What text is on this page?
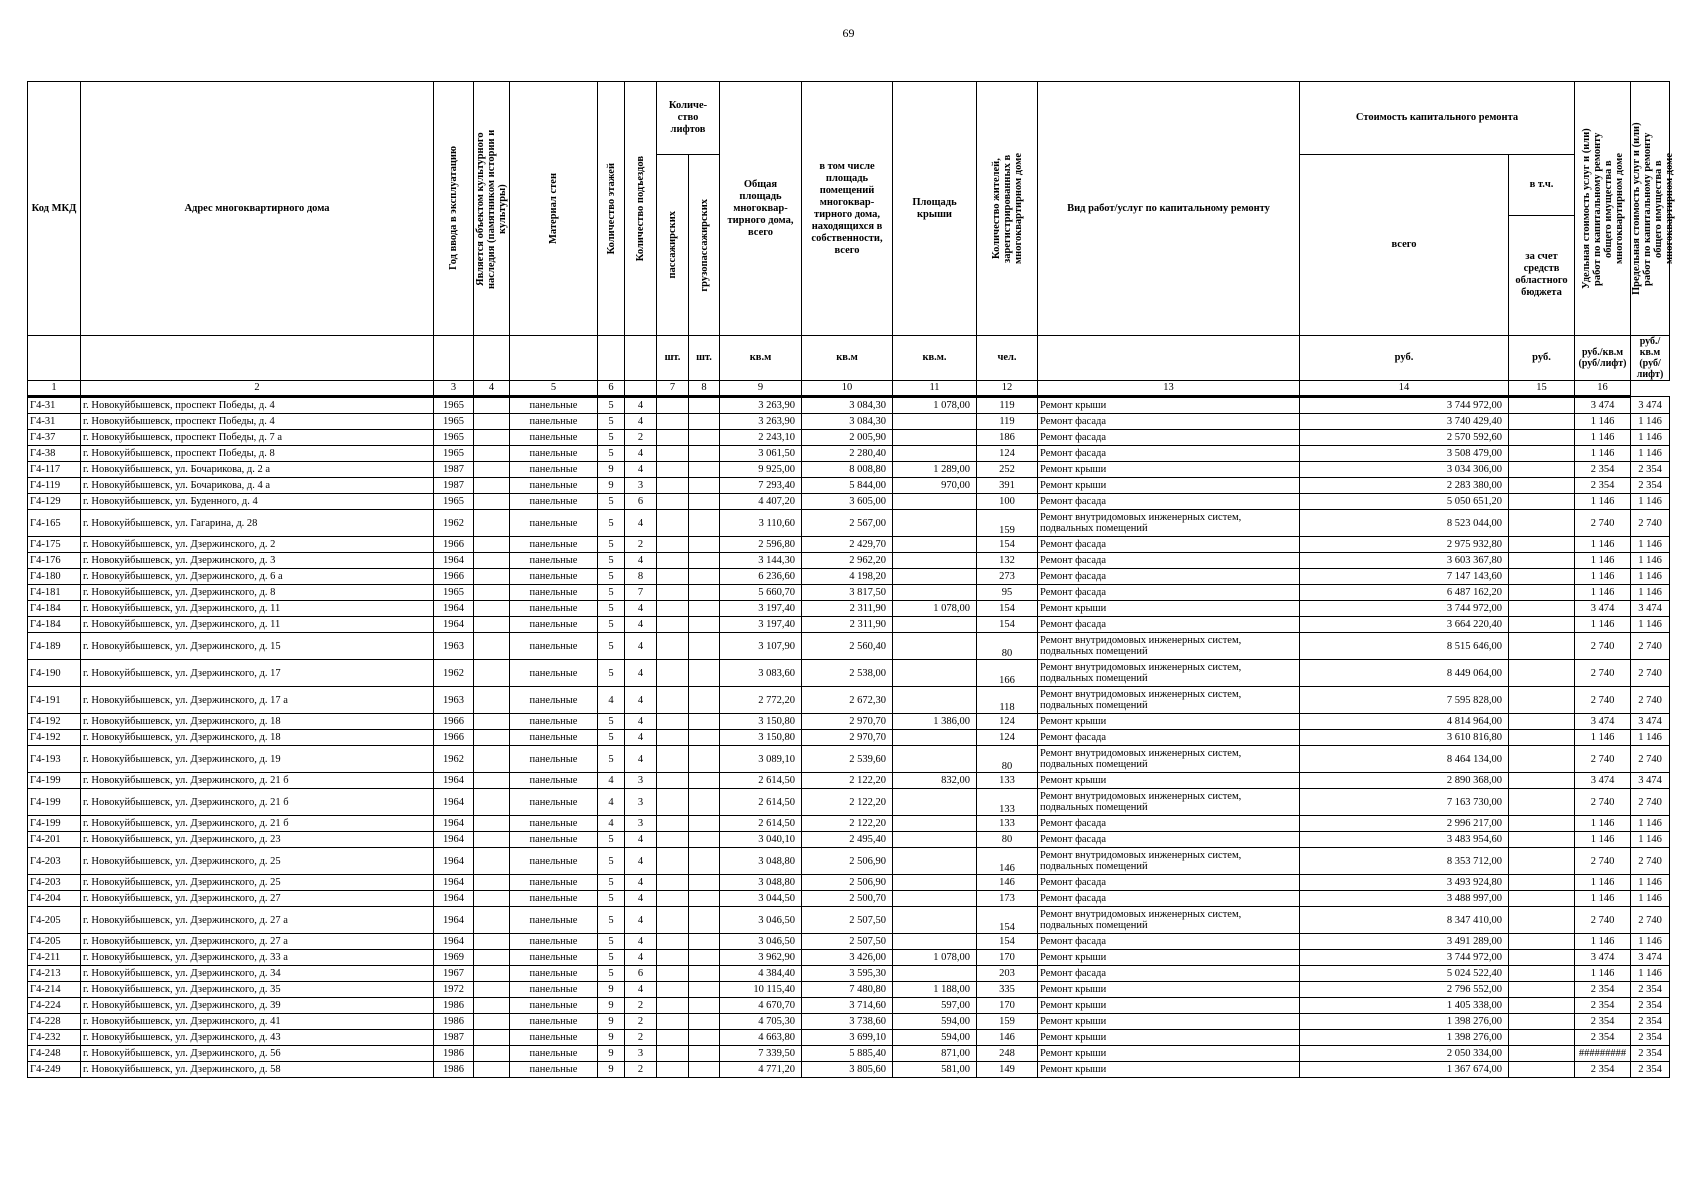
69
Код МКД	Адрес многоквартирного дома	Год ввода в эксплуатацию	Является объектом культурного наследия (памятником истории и культуры)	Материал стен	Количество этажей	Количество подъездов	Количе-ство лифтов		Общая площадь многоквар-тирного дома, всего	в том числе площадь помещений многоквар-тирного дома, находящихся в собственности, всего	Площадь крыши	Количество жителей, зарегистрированных в многоквартирном доме	Вид работ/услуг по капитальному ремонту	Стоимость капитального ремонта		Удельная стоимость услуг и (или) работ по капитальному ремонту общего имущества в многоквартирном доме	Предельная стоимость услуг и (или) работ по капитальному ремонту общего имущества в многоквартирном доме

							пассажирских	грузопассажирских						всего	в т.ч.		
															за счет средств областного бюджета		
							шт.	шт.	кв.м	кв.м	кв.м.	чел.		руб.	руб.	руб./кв.м (руб/лифт)	руб./кв.м (руб/лифт)
1	2	3	4	5	6		7	8	9	10	11	12	13	14	15	16	
Г4-31	г. Новокуйбышевск, проспект Победы, д. 4	1965		панельные	5	4			3 263,90	3 084,30	1 078,00	119	Ремонт крыши	3 744 972,00		3 474	3 474
Г4-31	г. Новокуйбышевск, проспект Победы, д. 4	1965		панельные	5	4			3 263,90	3 084,30		119	Ремонт фасада	3 740 429,40		1 146	1 146
Г4-37	г. Новокуйбышевск, проспект Победы, д. 7 а	1965		панельные	5	2			2 243,10	2 005,90		186	Ремонт фасада	2 570 592,60		1 146	1 146
Г4-38	г. Новокуйбышевск, проспект Победы, д. 8	1965		панельные	5	4			3 061,50	2 280,40		124	Ремонт фасада	3 508 479,00		1 146	1 146
Г4-117	г. Новокуйбышевск, ул. Бочарикова, д. 2 а	1987		панельные	9	4			9 925,00	8 008,80	1 289,00	252	Ремонт крыши	3 034 306,00		2 354	2 354
Г4-119	г. Новокуйбышевск, ул. Бочарикова, д. 4 а	1987		панельные	9	3			7 293,40	5 844,00	970,00	391	Ремонт крыши	2 283 380,00		2 354	2 354
Г4-129	г. Новокуйбышевск, ул. Буденного, д. 4	1965		панельные	5	6			4 407,20	3 605,00		100	Ремонт фасада	5 050 651,20		1 146	1 146
Г4-165	г. Новокуйбышевск, ул. Гагарина, д. 28	1962		панельные	5	4			3 110,60	2 567,00		159	Ремонт внутридомовых инженерных систем, подвальных помещений	8 523 044,00		2 740	2 740
Г4-175	г. Новокуйбышевск, ул. Дзержинского, д. 2	1966		панельные	5	2			2 596,80	2 429,70		154	Ремонт фасада	2 975 932,80		1 146	1 146
Г4-176	г. Новокуйбышевск, ул. Дзержинского, д. 3	1964		панельные	5	4			3 144,30	2 962,20		132	Ремонт фасада	3 603 367,80		1 146	1 146
Г4-180	г. Новокуйбышевск, ул. Дзержинского, д. 6 а	1966		панельные	5	8			6 236,60	4 198,20		273	Ремонт фасада	7 147 143,60		1 146	1 146
Г4-181	г. Новокуйбышевск, ул. Дзержинского, д. 8	1965		панельные	5	7			5 660,70	3 817,50		95	Ремонт фасада	6 487 162,20		1 146	1 146
Г4-184	г. Новокуйбышевск, ул. Дзержинского, д. 11	1964		панельные	5	4			3 197,40	2 311,90	1 078,00	154	Ремонт крыши	3 744 972,00		3 474	3 474
Г4-184	г. Новокуйбышевск, ул. Дзержинского, д. 11	1964		панельные	5	4			3 197,40	2 311,90		154	Ремонт фасада	3 664 220,40		1 146	1 146
Г4-189	г. Новокуйбышевск, ул. Дзержинского, д. 15	1963		панельные	5	4			3 107,90	2 560,40		80	Ремонт внутридомовых инженерных систем, подвальных помещений	8 515 646,00		2 740	2 740
Г4-190	г. Новокуйбышевск, ул. Дзержинского, д. 17	1962		панельные	5	4			3 083,60	2 538,00		166	Ремонт внутридомовых инженерных систем, подвальных помещений	8 449 064,00		2 740	2 740
Г4-191	г. Новокуйбышевск, ул. Дзержинского, д. 17 а	1963		панельные	4	4			2 772,20	2 672,30		118	Ремонт внутридомовых инженерных систем, подвальных помещений	7 595 828,00		2 740	2 740
Г4-192	г. Новокуйбышевск, ул. Дзержинского, д. 18	1966		панельные	5	4			3 150,80	2 970,70	1 386,00	124	Ремонт крыши	4 814 964,00		3 474	3 474
Г4-192	г. Новокуйбышевск, ул. Дзержинского, д. 18	1966		панельные	5	4			3 150,80	2 970,70		124	Ремонт фасада	3 610 816,80		1 146	1 146
Г4-193	г. Новокуйбышевск, ул. Дзержинского, д. 19	1962		панельные	5	4			3 089,10	2 539,60		80	Ремонт внутридомовых инженерных систем, подвальных помещений	8 464 134,00		2 740	2 740
Г4-199	г. Новокуйбышевск, ул. Дзержинского, д. 21 б	1964		панельные	4	3			2 614,50	2 122,20	832,00	133	Ремонт крыши	2 890 368,00		3 474	3 474
Г4-199	г. Новокуйбышевск, ул. Дзержинского, д. 21 б	1964		панельные	4	3			2 614,50	2 122,20		133	Ремонт внутридомовых инженерных систем, подвальных помещений	7 163 730,00		2 740	2 740
Г4-199	г. Новокуйбышевск, ул. Дзержинского, д. 21 б	1964		панельные	4	3			2 614,50	2 122,20		133	Ремонт фасада	2 996 217,00		1 146	1 146
Г4-201	г. Новокуйбышевск, ул. Дзержинского, д. 23	1964		панельные	5	4			3 040,10	2 495,40		80	Ремонт фасада	3 483 954,60		1 146	1 146
Г4-203	г. Новокуйбышевск, ул. Дзержинского, д. 25	1964		панельные	5	4			3 048,80	2 506,90		146	Ремонт внутридомовых инженерных систем, подвальных помещений	8 353 712,00		2 740	2 740
Г4-203	г. Новокуйбышевск, ул. Дзержинского, д. 25	1964		панельные	5	4			3 048,80	2 506,90		146	Ремонт фасада	3 493 924,80		1 146	1 146
Г4-204	г. Новокуйбышевск, ул. Дзержинского, д. 27	1964		панельные	5	4			3 044,50	2 500,70		173	Ремонт фасада	3 488 997,00		1 146	1 146
Г4-205	г. Новокуйбышевск, ул. Дзержинского, д. 27 а	1964		панельные	5	4			3 046,50	2 507,50		154	Ремонт внутридомовых инженерных систем, подвальных помещений	8 347 410,00		2 740	2 740
Г4-205	г. Новокуйбышевск, ул. Дзержинского, д. 27 а	1964		панельные	5	4			3 046,50	2 507,50		154	Ремонт фасада	3 491 289,00		1 146	1 146
Г4-211	г. Новокуйбышевск, ул. Дзержинского, д. 33 а	1969		панельные	5	4			3 962,90	3 426,00	1 078,00	170	Ремонт крыши	3 744 972,00		3 474	3 474
Г4-213	г. Новокуйбышевск, ул. Дзержинского, д. 34	1967		панельные	5	6			4 384,40	3 595,30		203	Ремонт фасада	5 024 522,40		1 146	1 146
Г4-214	г. Новокуйбышевск, ул. Дзержинского, д. 35	1972		панельные	9	4			10 115,40	7 480,80	1 188,00	335	Ремонт крыши	2 796 552,00		2 354	2 354
Г4-224	г. Новокуйбышевск, ул. Дзержинского, д. 39	1986		панельные	9	2			4 670,70	3 714,60	597,00	170	Ремонт крыши	1 405 338,00		2 354	2 354
Г4-228	г. Новокуйбышевск, ул. Дзержинского, д. 41	1986		панельные	9	2			4 705,30	3 738,60	594,00	159	Ремонт крыши	1 398 276,00		2 354	2 354
Г4-232	г. Новокуйбышевск, ул. Дзержинского, д. 43	1987		панельные	9	2			4 663,80	3 699,10	594,00	146	Ремонт крыши	1 398 276,00		2 354	2 354
Г4-248	г. Новокуйбышевск, ул. Дзержинского, д. 56	1986		панельные	9	3			7 339,50	5 885,40	871,00	248	Ремонт крыши	2 050 334,00		#########	2 354
Г4-249	г. Новокуйбышевск, ул. Дзержинского, д. 58	1986		панельные	9	2			4 771,20	3 805,60	581,00	149	Ремонт крыши	1 367 674,00		2 354	2 354
